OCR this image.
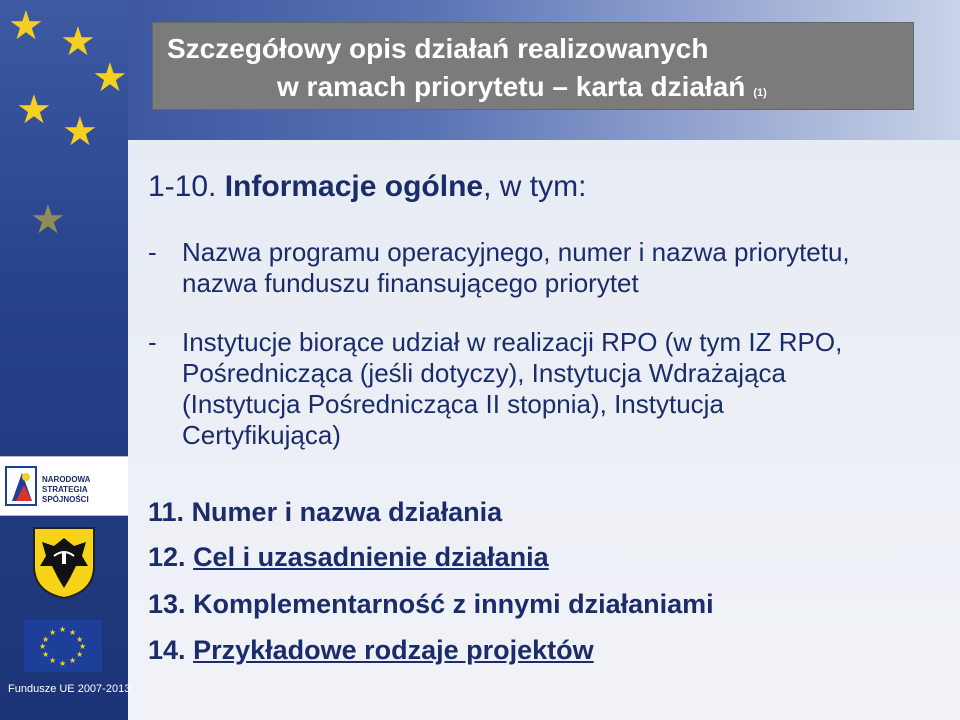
★ ★
★
★ ★
★
Szczegółowy opis działań realizowanych
w ramach priorytetu – karta działań (1)
1-10. Informacje ogólne, w tym:
- Nazwa programu operacyjnego, numer i nazwa priorytetu, nazwa funduszu finansującego priorytet
- Instytucje biorące udział w realizacji RPO (w tym IZ RPO, Pośrednicząca (jeśli dotyczy), Instytucja Wdrażająca (Instytucja Pośrednicząca II stopnia), Instytucja Certyfikująca)
11. Numer i nazwa działania
12. Cel i uzasadnienie działania
13. Komplementarność z innymi działaniami
14. Przykładowe rodzaje projektów
NARODOWA
STRATEGIA SPÓJNOŚCI
★ ★
★
★
★
★
★
★
★
★
★
★
Fundusze UE 2007-2013
